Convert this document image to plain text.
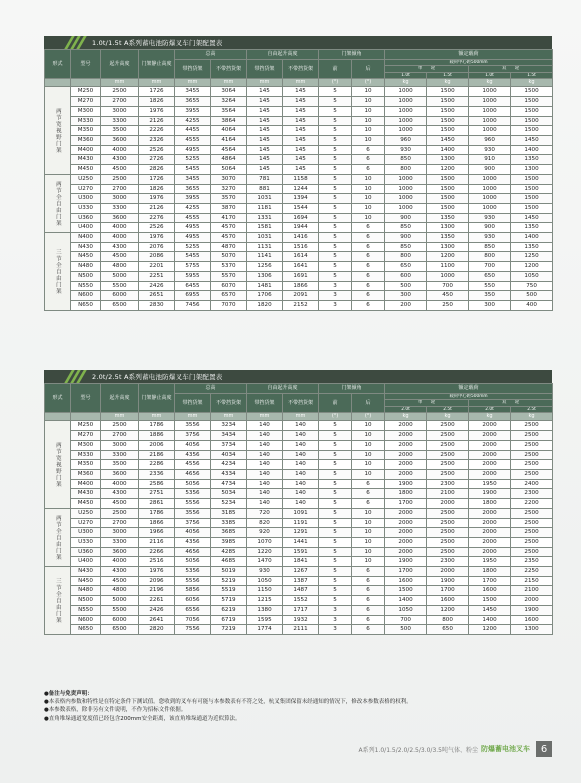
1.0t/1.5t A系列蓄电池防爆叉车门架配置表
形式	型号	起升高度	门架静止高度	总高		自由起升高度		门架倾角		额定载荷			
				带挡货架	不带挡货架	带挡货架	不带挡货架	前	后	载荷中心距500mm			
										单　　轮		双　　轮	
										1.0t	1.5t	1.0t	1.5t
		mm	mm	mm	mm	mm	mm	(°)	(°)	kg	kg	kg	kg
两节宽视野门架	M250	2500	1726	3455	3064	145	145	5	10	1000	1500	1000	1500
	M270	2700	1826	3655	3264	145	145	5	10	1000	1500	1000	1500
	M300	3000	1976	3955	3564	145	145	5	10	1000	1500	1000	1500
	M330	3300	2126	4255	3864	145	145	5	10	1000	1500	1000	1500
	M350	3500	2226	4455	4064	145	145	5	10	1000	1500	1000	1500
	M360	3600	2326	4555	4164	145	145	5	10	960	1450	960	1450
	M400	4000	2526	4955	4564	145	145	5	6	930	1400	930	1400
	M430	4300	2726	5255	4864	145	145	5	6	850	1300	910	1350
	M450	4500	2826	5455	5064	145	145	5	6	800	1200	900	1300
两节全自由门架	U250	2500	1726	3455	3070	781	1158	5	10	1000	1500	1000	1500
	U270	2700	1826	3655	3270	881	1244	5	10	1000	1500	1000	1500
	U300	3000	1976	3955	3570	1031	1394	5	10	1000	1500	1000	1500
	U330	3300	2126	4255	3870	1181	1544	5	10	1000	1500	1000	1500
	U360	3600	2276	4555	4170	1331	1694	5	10	900	1350	930	1450
	U400	4000	2526	4955	4570	1581	1944	5	6	850	1300	900	1350
三节全自由门架	N400	4000	1976	4955	4570	1031	1416	5	6	900	1350	930	1400
	N430	4300	2076	5255	4870	1131	1516	5	6	850	1300	850	1350
	N450	4500	2086	5455	5070	1141	1614	5	6	800	1200	800	1250
	N480	4800	2201	5755	5370	1256	1641	5	6	650	1100	700	1200
	N500	5000	2251	5955	5570	1306	1691	5	6	600	1000	650	1050
	N550	5500	2426	6455	6070	1481	1866	3	6	500	700	550	750
	N600	6000	2651	6955	6570	1706	2091	3	6	300	450	350	500
	N650	6500	2830	7456	7070	1820	2152	3	6	200	250	300	400
2.0t/2.5t A系列蓄电池防爆叉车门架配置表
形式	型号	起升高度	门架静止高度	总高		自由起升高度		门架倾角		额定载荷			
				带挡货架	不带挡货架	带挡货架	不带挡货架	前	后	载荷中心距500mm			
										单　　轮		双　　轮	
										2.0t	2.5t	2.0t	2.5t
		mm	mm	mm	mm	mm	mm	(°)	(°)	kg	kg	kg	kg
两节宽视野门架	M250	2500	1786	3556	3234	140	140	5	10	2000	2500	2000	2500
	M270	2700	1886	3756	3434	140	140	5	10	2000	2500	2000	2500
	M300	3000	2006	4056	3734	140	140	5	10	2000	2500	2000	2500
	M330	3300	2186	4356	4034	140	140	5	10	2000	2500	2000	2500
	M350	3500	2286	4556	4234	140	140	5	10	2000	2500	2000	2500
	M360	3600	2336	4656	4334	140	140	5	10	2000	2500	2000	2500
	M400	4000	2586	5056	4734	140	140	5	6	1900	2300	1950	2400
	M430	4300	2751	5356	5034	140	140	5	6	1800	2100	1900	2300
	M450	4500	2861	5556	5234	140	140	5	6	1700	2000	1800	2200
两节全自由门架	U250	2500	1786	3556	3185	720	1091	5	10	2000	2500	2000	2500
	U270	2700	1866	3756	3385	820	1191	5	10	2000	2500	2000	2500
	U300	3000	1966	4056	3685	920	1291	5	10	2000	2500	2000	2500
	U330	3300	2116	4356	3985	1070	1441	5	10	2000	2500	2000	2500
	U360	3600	2266	4656	4285	1220	1591	5	10	2000	2500	2000	2500
	U400	4000	2516	5056	4685	1470	1841	5	10	1900	2300	1950	2350
三节全自由门架	N430	4300	1976	5356	5019	930	1267	5	6	1700	2000	1800	2250
	N450	4500	2096	5556	5219	1050	1387	5	6	1600	1900	1700	2150
	N480	4800	2196	5856	5519	1150	1487	5	6	1500	1700	1600	2100
	N500	5000	2261	6056	5719	1215	1552	5	6	1400	1600	1500	2000
	N550	5500	2426	6556	6219	1380	1717	3	6	1050	1200	1450	1900
	N600	6000	2641	7056	6719	1595	1932	3	6	700	800	1400	1600
	N650	6500	2820	7556	7219	1774	2111	3	6	500	650	1200	1300
●备注与免责声明：
●本表格内参数和特性是在特定条件下测试值。您收到的叉车有可能与本参数表有不符之处，杭叉集团保留未经通知的情况下，修改本参数表格的权利。
●本参数表格，除非另有文件说明，不作为招标文件依据。
●直角堆垛通道宽度值已经包含200mm安全距离，该直角堆垛通道为近似算法。
A系列1.0/1.5/2.0/2.5/3.0/3.5吨气体、粉尘 防爆蓄电池叉车	6
